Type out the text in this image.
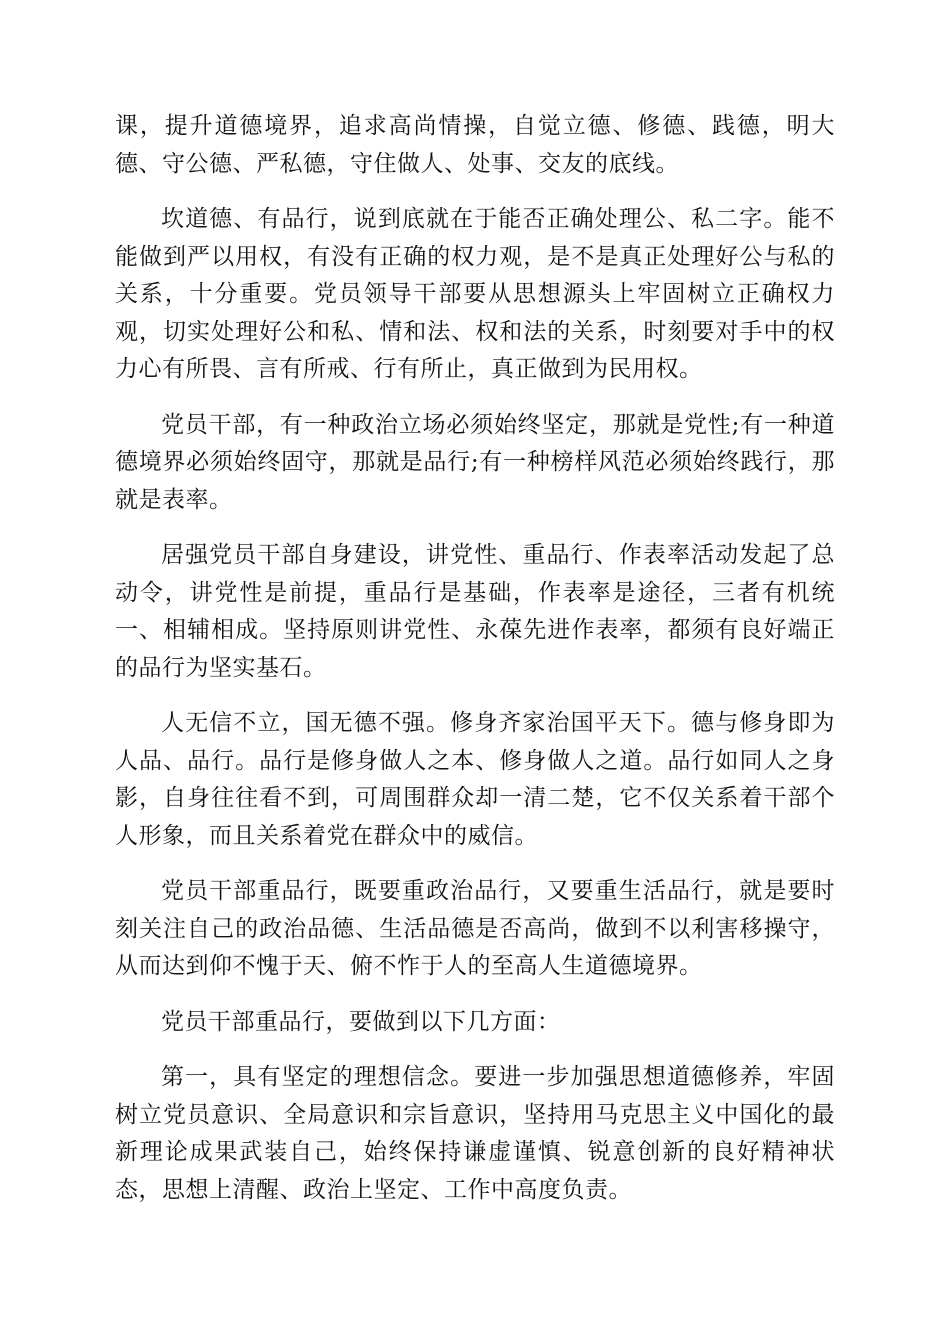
课，提升道德境界，追求高尚情操，自觉立德、修德、践德，明大德、守公德、严私德，守住做人、处事、交友的底线。

坎道德、有品行，说到底就在于能否正确处理公、私二字。能不能做到严以用权，有没有正确的权力观，是不是真正处理好公与私的关系，十分重要。党员领导干部要从思想源头上牢固树立正确权力观，切实处理好公和私、情和法、权和法的关系，时刻要对手中的权力心有所畏、言有所戒、行有所止，真正做到为民用权。

党员干部，有一种政治立场必须始终坚定，那就是党性;有一种道德境界必须始终固守，那就是品行;有一种榜样风范必须始终践行，那就是表率。

居强党员干部自身建设，讲党性、重品行、作表率活动发起了总动令，讲党性是前提，重品行是基础，作表率是途径，三者有机统一、相辅相成。坚持原则讲党性、永葆先进作表率，都须有良好端正的品行为坚实基石。

人无信不立，国无德不强。修身齐家治国平天下。德与修身即为人品、品行。品行是修身做人之本、修身做人之道。品行如同人之身影，自身往往看不到，可周围群众却一清二楚，它不仅关系着干部个人形象，而且关系着党在群众中的威信。

党员干部重品行，既要重政治品行，又要重生活品行，就是要时刻关注自己的政治品德、生活品德是否高尚，做到不以利害移操守，从而达到仰不愧于天、俯不怍于人的至高人生道德境界。

党员干部重品行，要做到以下几方面：

第一，具有坚定的理想信念。要进一步加强思想道德修养，牢固树立党员意识、全局意识和宗旨意识，坚持用马克思主义中国化的最新理论成果武装自己，始终保持谦虚谨慎、锐意创新的良好精神状态，思想上清醒、政治上坚定、工作中高度负责。
